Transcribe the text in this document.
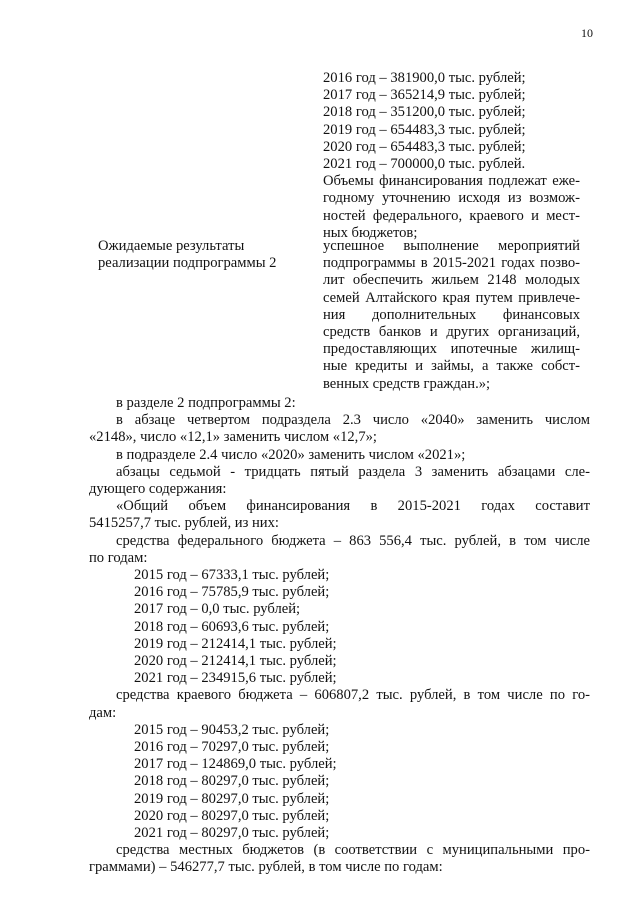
10
2016 год – 381900,0 тыс. рублей;
2017 год – 365214,9 тыс. рублей;
2018 год – 351200,0 тыс. рублей;
2019 год – 654483,3 тыс. рублей;
2020 год – 654483,3 тыс. рублей;
2021 год – 700000,0 тыс. рублей.
Объемы финансирования подлежат еже-
годному уточнению исходя из возмож-
ностей федерального, краевого и мест-
ных бюджетов;
Ожидаемые результаты
реализации подпрограммы 2
успешное выполнение мероприятий
подпрограммы в 2015-2021 годах позво-
лит обеспечить жильем 2148 молодых
семей Алтайского края путем привлече-
ния дополнительных финансовых
средств банков и других организаций,
предоставляющих ипотечные жилищ-
ные кредиты и займы, а также собст-
венных средств граждан.»;
в разделе 2 подпрограммы 2:
в абзаце четвертом подраздела 2.3 число «2040» заменить числом
«2148», число «12,1» заменить числом «12,7»;
в подразделе 2.4 число «2020» заменить числом «2021»;
абзацы седьмой - тридцать пятый раздела 3 заменить абзацами сле-
дующего содержания:
«Общий объем финансирования в 2015-2021 годах составит
5415257,7 тыс. рублей, из них:
средства федерального бюджета – 863 556,4 тыс. рублей, в том числе
по годам:
2015 год – 67333,1 тыс. рублей;
2016 год – 75785,9 тыс. рублей;
2017 год – 0,0 тыс. рублей;
2018 год – 60693,6 тыс. рублей;
2019 год – 212414,1 тыс. рублей;
2020 год – 212414,1 тыс. рублей;
2021 год – 234915,6 тыс. рублей;
средства краевого бюджета – 606807,2 тыс. рублей, в том числе по го-
дам:
2015 год – 90453,2 тыс. рублей;
2016 год – 70297,0 тыс. рублей;
2017 год – 124869,0 тыс. рублей;
2018 год – 80297,0 тыс. рублей;
2019 год – 80297,0 тыс. рублей;
2020 год – 80297,0 тыс. рублей;
2021 год – 80297,0 тыс. рублей;
средства местных бюджетов (в соответствии с муниципальными про-
граммами) – 546277,7 тыс. рублей, в том числе по годам:
